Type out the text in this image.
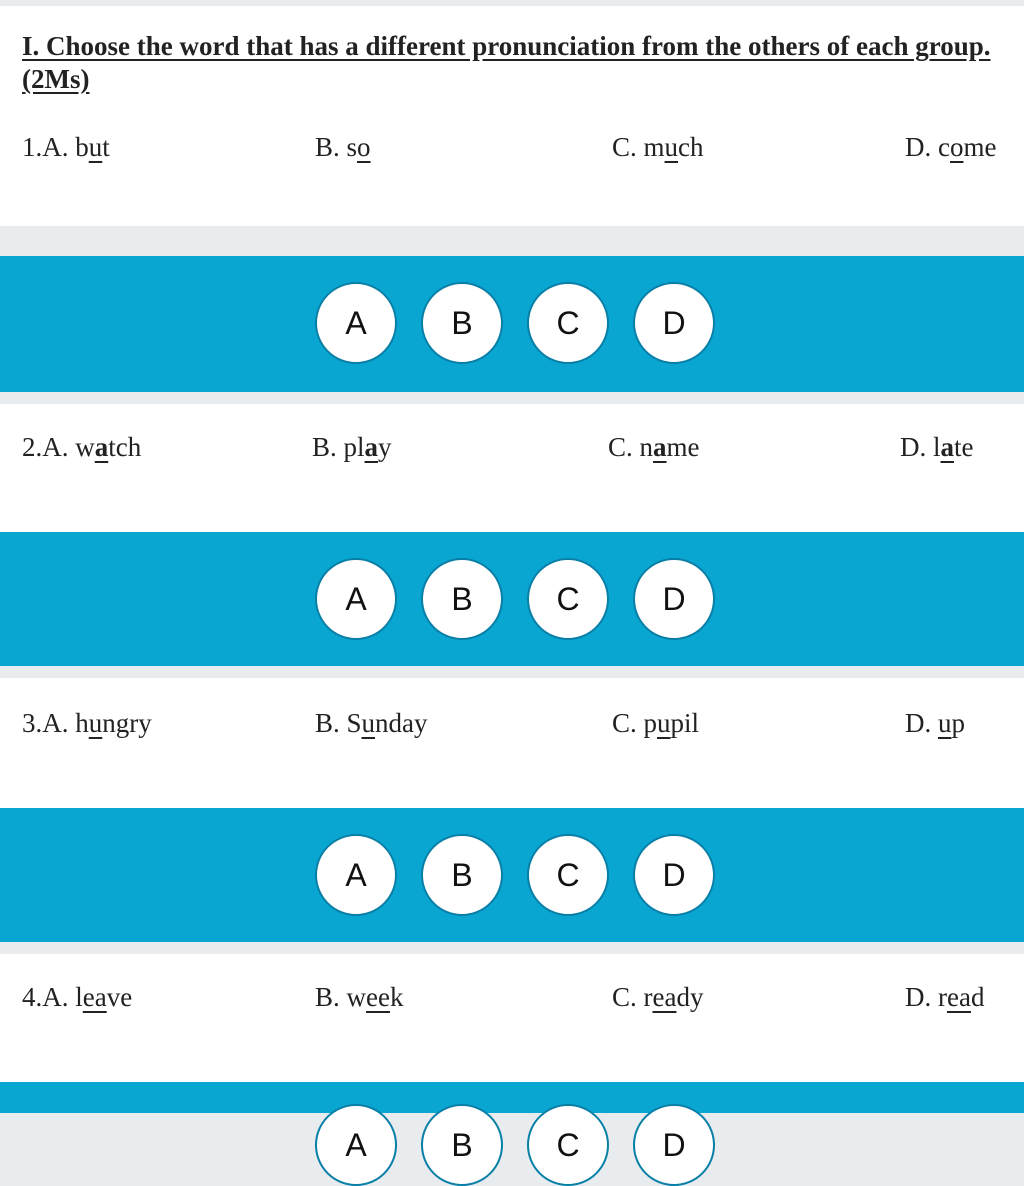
I. Choose the word that has a different pronunciation from the others of each group. (2Ms)
1.A. but	B. so	C. much	D. come
A	B	C	D
2.A. watch	B. play	C. name	D. late
A	B	C	D
3.A. hungry	B. Sunday	C. pupil	D. up
A	B	C	D
4.A. leave	B. week	C. ready	D. read
A	B	C	D
